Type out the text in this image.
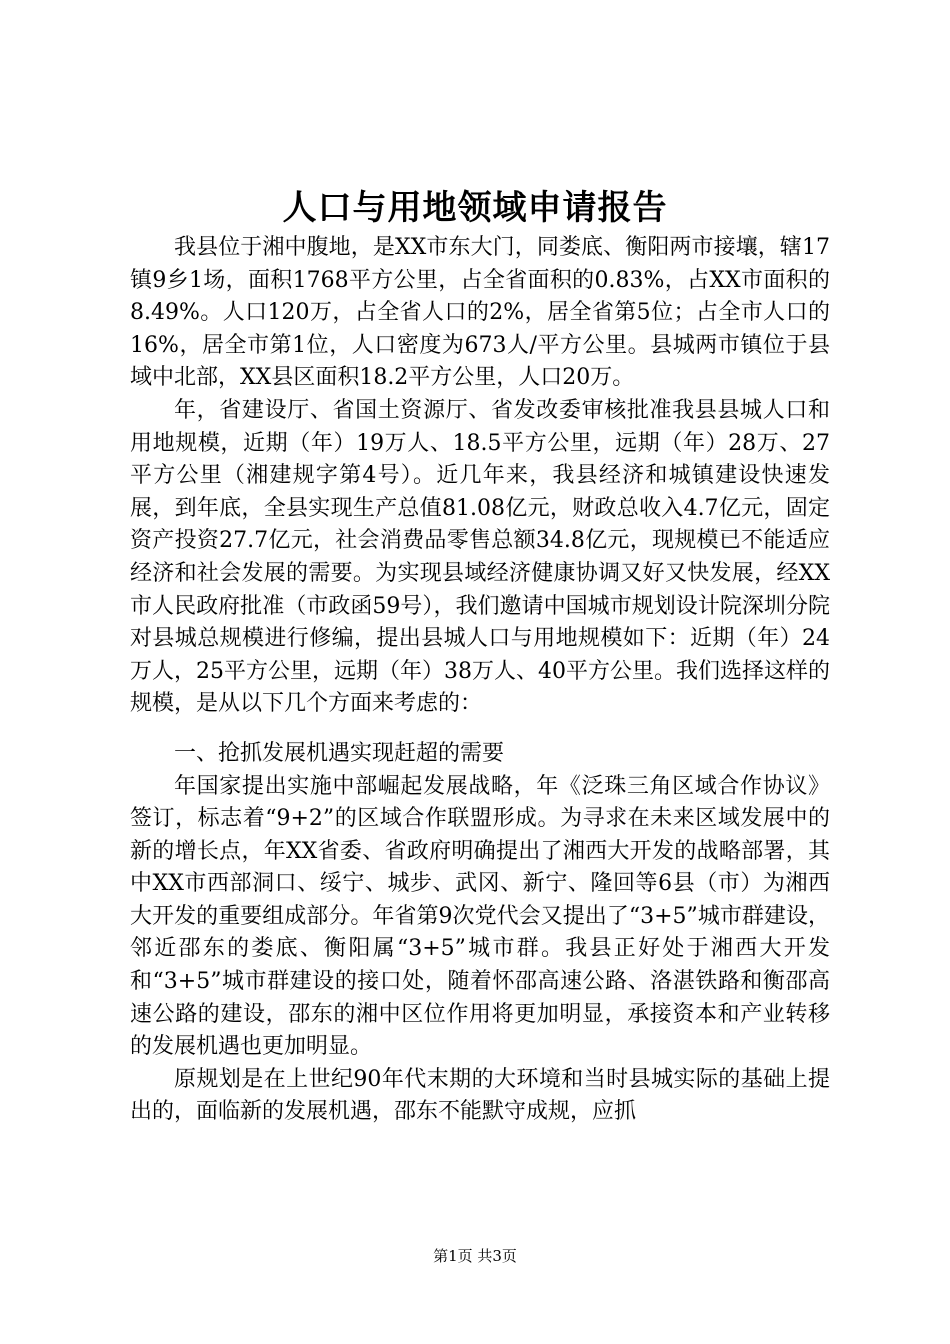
人口与用地领域申请报告

我县位于湘中腹地，是XX市东大门，同娄底、衡阳两市接壤，辖17镇9乡1场，面积1768平方公里，占全省面积的0.83%，占XX市面积的8.49%。人口120万，占全省人口的2%，居全省第5位；占全市人口的16%，居全市第1位，人口密度为673人/平方公里。县城两市镇位于县域中北部，XX县区面积18.2平方公里，人口20万。

年，省建设厅、省国土资源厅、省发改委审核批准我县县城人口和用地规模，近期（年）19万人、18.5平方公里，远期（年）28万、27平方公里（湘建规字第4号）。近几年来，我县经济和城镇建设快速发展，到年底，全县实现生产总值81.08亿元，财政总收入4.7亿元，固定资产投资27.7亿元，社会消费品零售总额34.8亿元，现规模已不能适应经济和社会发展的需要。为实现县域经济健康协调又好又快发展，经XX市人民政府批准（市政函59号），我们邀请中国城市规划设计院深圳分院对县城总规模进行修编，提出县城人口与用地规模如下：近期（年）24万人，25平方公里，远期（年）38万人、40平方公里。我们选择这样的规模，是从以下几个方面来考虑的：

一、抢抓发展机遇实现赶超的需要

年国家提出实施中部崛起发展战略，年《泛珠三角区域合作协议》签订，标志着“9+2”的区域合作联盟形成。为寻求在未来区域发展中的新的增长点，年XX省委、省政府明确提出了湘西大开发的战略部署，其中XX市西部洞口、绥宁、城步、武冈、新宁、隆回等6县（市）为湘西大开发的重要组成部分。年省第9次党代会又提出了“3+5”城市群建设，邻近邵东的娄底、衡阳属“3+5”城市群。我县正好处于湘西大开发和“3+5”城市群建设的接口处，随着怀邵高速公路、洛湛铁路和衡邵高速公路的建设，邵东的湘中区位作用将更加明显，承接资本和产业转移的发展机遇也更加明显。

原规划是在上世纪90年代末期的大环境和当时县城实际的基础上提出的，面临新的发展机遇，邵东不能默守成规，应抓

第1页 共3页
